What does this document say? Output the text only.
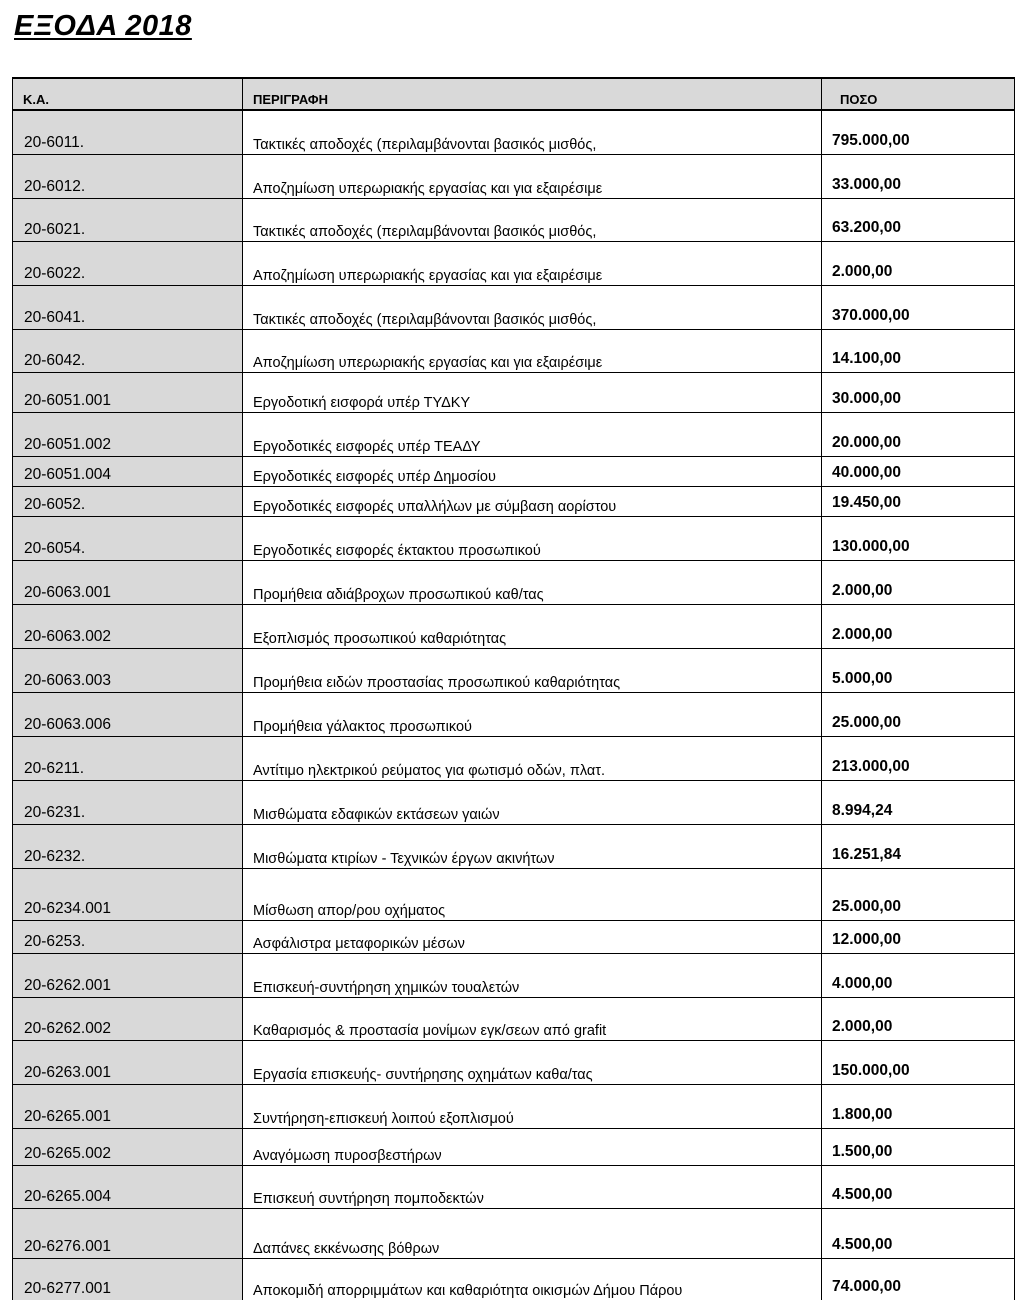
ΕΞΟΔΑ 2018
Κ.Α.	ΠΕΡΙΓΡΑΦΗ	ΠΟΣΟ
20-6011.	Τακτικές αποδοχές (περιλαμβάνονται βασικός μισθός,	795.000,00
20-6012.	Αποζημίωση υπερωριακής εργασίας και για εξαιρέσιμε	33.000,00
20-6021.	Τακτικές αποδοχές (περιλαμβάνονται βασικός μισθός,	63.200,00
20-6022.	Αποζημίωση υπερωριακής εργασίας και για εξαιρέσιμε	2.000,00
20-6041.	Τακτικές αποδοχές (περιλαμβάνονται βασικός μισθός,	370.000,00
20-6042.	Αποζημίωση υπερωριακής εργασίας και για εξαιρέσιμε	14.100,00
20-6051.001	Εργοδοτική εισφορά υπέρ ΤΥΔΚΥ	30.000,00
20-6051.002	Εργοδοτικές εισφορές υπέρ ΤΕΑΔΥ	20.000,00
20-6051.004	Εργοδοτικές εισφορές υπέρ Δημοσίου	40.000,00
20-6052.	Εργοδοτικές εισφορές υπαλλήλων με σύμβαση αορίστου	19.450,00
20-6054.	Εργοδοτικές εισφορές έκτακτου προσωπικού	130.000,00
20-6063.001	Προμήθεια αδιάβροχων προσωπικού καθ/τας	2.000,00
20-6063.002	Εξοπλισμός προσωπικού καθαριότητας	2.000,00
20-6063.003	Προμήθεια ειδών προστασίας προσωπικού καθαριότητας	5.000,00
20-6063.006	Προμήθεια γάλακτος προσωπικού	25.000,00
20-6211.	Αντίτιμο ηλεκτρικού ρεύματος για φωτισμό οδών, πλατ.	213.000,00
20-6231.	Μισθώματα εδαφικών εκτάσεων γαιών	8.994,24
20-6232.	Μισθώματα κτιρίων - Τεχνικών έργων ακινήτων	16.251,84
20-6234.001	Μίσθωση απορ/ρου οχήματος	25.000,00
20-6253.	Ασφάλιστρα μεταφορικών μέσων	12.000,00
20-6262.001	Επισκευή-συντήρηση χημικών τουαλετών	4.000,00
20-6262.002	Καθαρισμός & προστασία μονίμων εγκ/σεων από grafit	2.000,00
20-6263.001	Εργασία επισκευής- συντήρησης οχημάτων καθα/τας	150.000,00
20-6265.001	Συντήρηση-επισκευή λοιπού εξοπλισμού	1.800,00
20-6265.002	Αναγόμωση πυροσβεστήρων	1.500,00
20-6265.004	Επισκευή συντήρηση πομποδεκτών	4.500,00
20-6276.001	Δαπάνες εκκένωσης βόθρων	4.500,00
20-6277.001	Αποκομιδή απορριμμάτων και καθαριότητα οικισμών Δήμου Πάρου	74.000,00
